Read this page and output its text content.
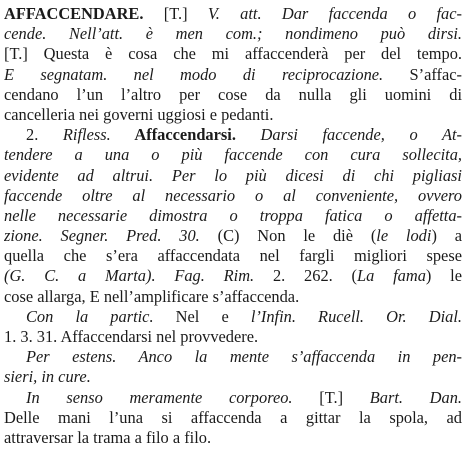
AFFACCENDARE. [T.] V. att. Dar faccenda o fac-
cende. Nell’att. è men com.; nondimeno può dirsi.
[T.] Questa è cosa che mi affaccenderà per del tempo.
E segnatam. nel modo di reciprocazione. S’affac-
cendano l’un l’altro per cose da nulla gli uomini di
cancelleria nei governi uggiosi e pedanti.
2. Rifless. Affaccendarsi. Darsi faccende, o At-
tendere a una o più faccende con cura sollecita,
evidente ad altrui. Per lo più dicesi di chi pigliasi
faccende oltre al necessario o al conveniente, ovvero
nelle necessarie dimostra o troppa fatica o affetta-
zione. Segner. Pred. 30. (C) Non le diè (le lodi) a
quella che s’era affaccendata nel fargli migliori spese
(G. C. a Marta). Fag. Rim. 2. 262. (La fama) le
cose allarga, E nell’amplificare s’affaccenda.
Con la partic. Nel e l’Infin. Rucell. Or. Dial.
1. 3. 31. Affaccendarsi nel provvedere.
Per estens. Anco la mente s’affaccenda in pen-
sieri, in cure.
In senso meramente corporeo. [T.] Bart. Dan.
Delle mani l’una si affaccenda a gittar la spola, ad
attraversar la trama a filo a filo.
